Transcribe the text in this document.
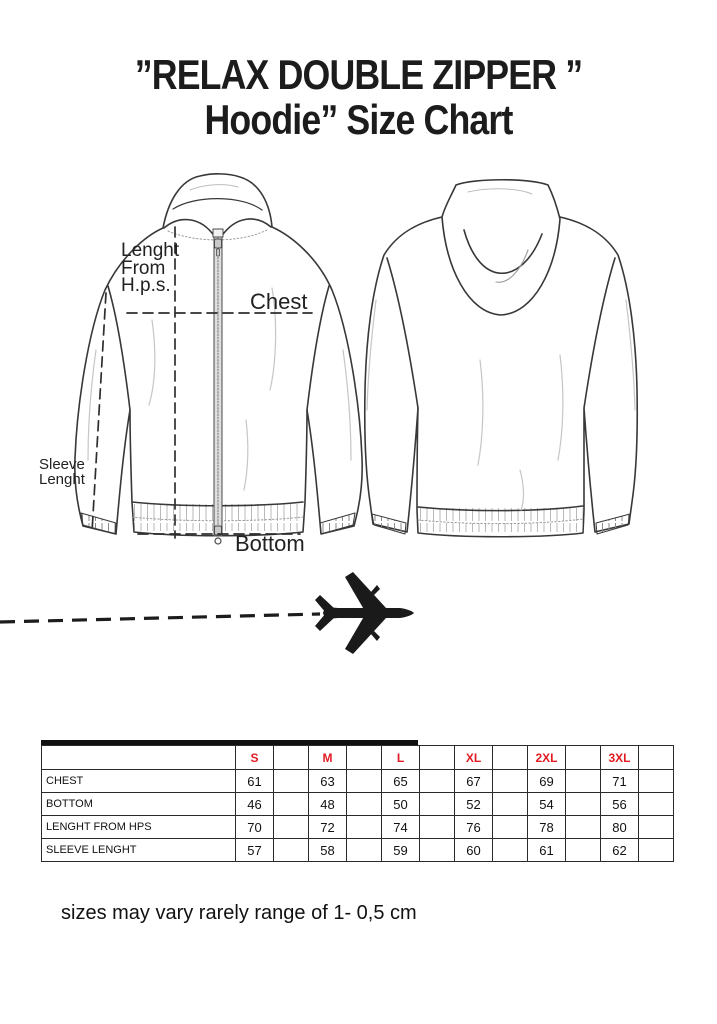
”RELAX DOUBLE ZIPPER ”
Hoodie” Size Chart
Lenght
From
H.p.s.
Chest
Sleeve
Lenght
Bottom
	S		M		L		XL		2XL		3XL	
CHEST	61		63		65		67		69		71	
BOTTOM	46		48		50		52		54		56	
LENGHT FROM HPS	70		72		74		76		78		80	
SLEEVE LENGHT	57		58		59		60		61		62	
sizes may vary rarely range of 1- 0,5 cm
